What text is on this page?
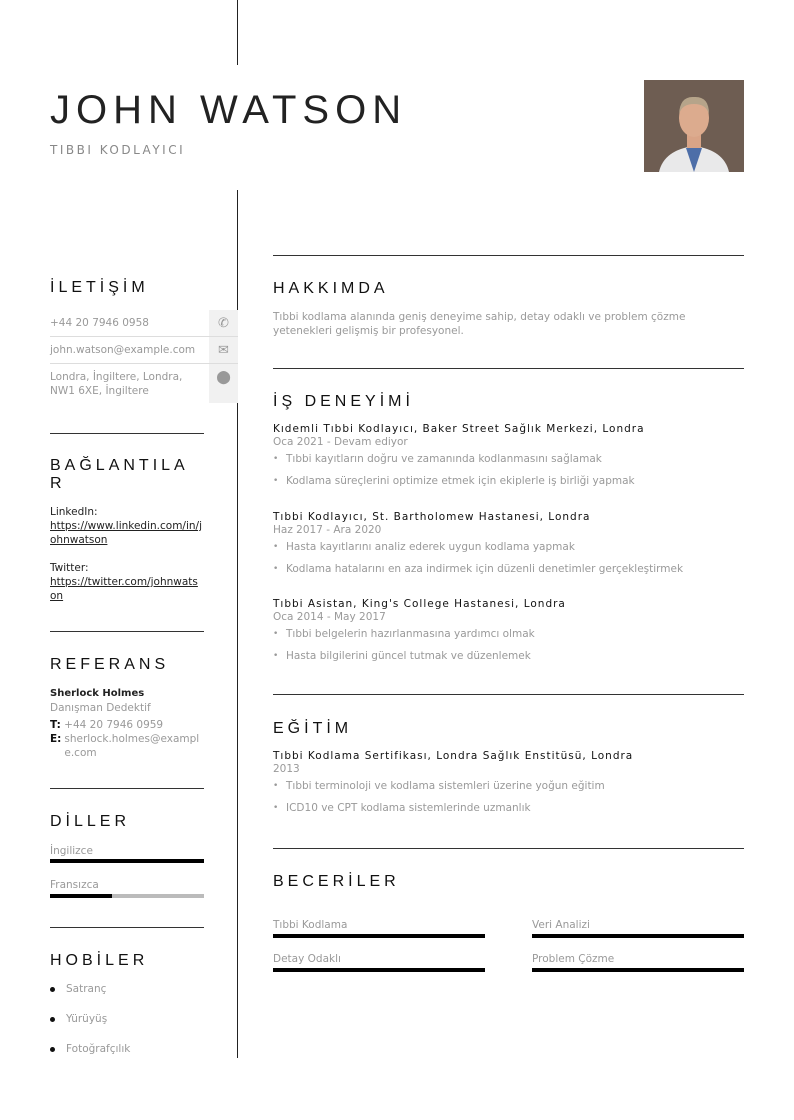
JOHN WATSON
TIBBI KODLAYICI
İLETİŞİM
+44 20 7946 0958	✆
john.watson@example.com	✉
Londra, İngiltere, Londra, NW1 6XE, İngiltere
⬤
BAĞLANTILAR
LinkedIn:
https://www.linkedin.com/in/johnwatson
Twitter:
https://twitter.com/johnwatson
REFERANS
Sherlock Holmes
Danışman Dedektif
T: +44 20 7946 0959
E: sherlock.holmes@example.com
DİLLER
İngilizce
Fransızca
HOBİLER
Satranç
Yürüyüş
Fotoğrafçılık
HAKKIMDA
Tıbbi kodlama alanında geniş deneyime sahip, detay odaklı ve problem çözme yetenekleri gelişmiş bir profesyonel.
İŞ DENEYİMİ
Kıdemli Tıbbi Kodlayıcı, Baker Street Sağlık Merkezi, Londra
Oca 2021 - Devam ediyor
• Tıbbi kayıtların doğru ve zamanında kodlanmasını sağlamak
• Kodlama süreçlerini optimize etmek için ekiplerle iş birliği yapmak
Tıbbi Kodlayıcı, St. Bartholomew Hastanesi, Londra
Haz 2017 - Ara 2020
• Hasta kayıtlarını analiz ederek uygun kodlama yapmak
• Kodlama hatalarını en aza indirmek için düzenli denetimler gerçekleştirmek
Tıbbi Asistan, King's College Hastanesi, Londra
Oca 2014 - May 2017
• Tıbbi belgelerin hazırlanmasına yardımcı olmak
• Hasta bilgilerini güncel tutmak ve düzenlemek
EĞİTİM
Tıbbi Kodlama Sertifikası, Londra Sağlık Enstitüsü, Londra
2013
• Tıbbi terminoloji ve kodlama sistemleri üzerine yoğun eğitim
• ICD10 ve CPT kodlama sistemlerinde uzmanlık
BECERİLER
Tıbbi Kodlama	Veri Analizi
Detay Odaklı	Problem Çözme
